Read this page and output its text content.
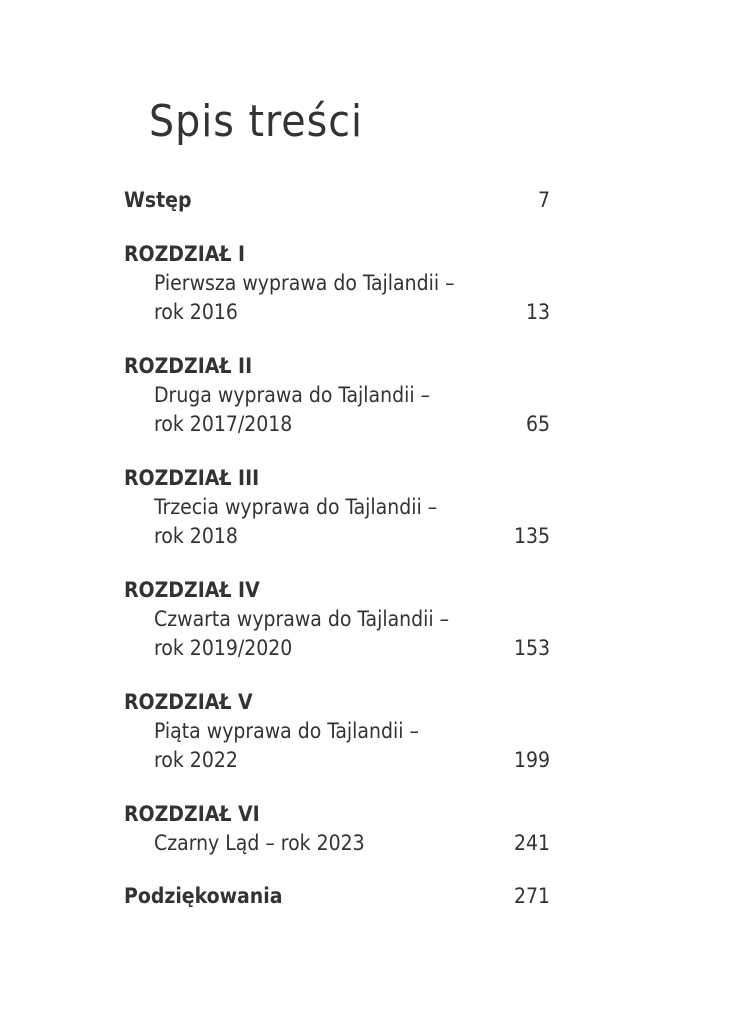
Spis treści
Wstęp	7
ROZDZIAŁ I
Pierwsza wyprawa do Tajlandii –
rok 2016	13
ROZDZIAŁ II
Druga wyprawa do Tajlandii –
rok 2017/2018	65
ROZDZIAŁ III
Trzecia wyprawa do Tajlandii –
rok 2018	135
ROZDZIAŁ IV
Czwarta wyprawa do Tajlandii –
rok 2019/2020	153
ROZDZIAŁ V
Piąta wyprawa do Tajlandii –
rok 2022	199
ROZDZIAŁ VI
Czarny Ląd – rok 2023	241
Podziękowania	271
